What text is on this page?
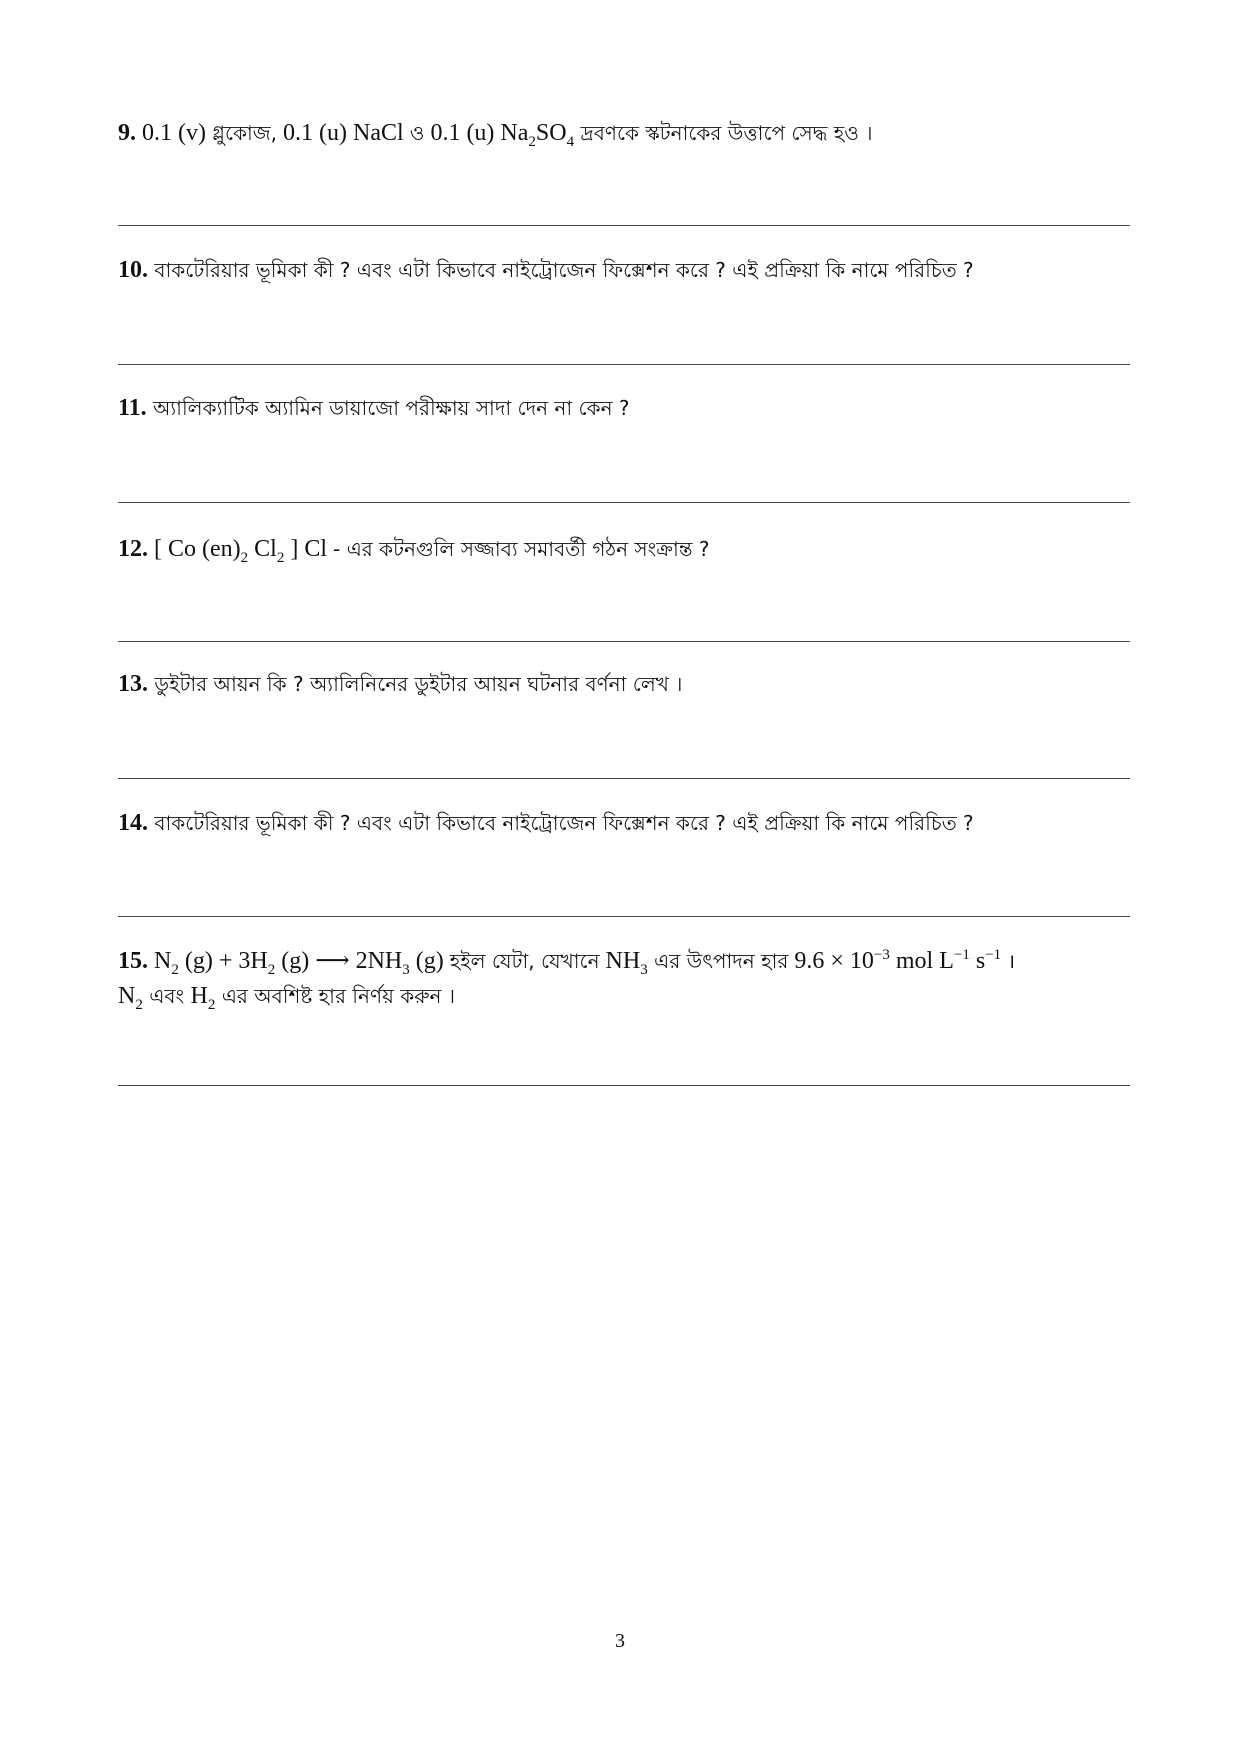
9. 0.1 (v) গ্লুকোজ, 0.1 (u) NaCl ও 0.1 (u) $Na_2SO_4$ দ্রবণকে স্কটনাকের উত্তাপে সেদ্ধ হও ।
10. বাকটেরিয়ার ভূমিকা কী ? এবং এটা কিভাবে নাইট্রোজেন ফিক্সেশন করে ? এই প্রক্রিয়া কি নামে পরিচিত ?
11. অ্যালিক্যাটিক অ্যামিন ডায়াজো পরীক্ষায় সাদা দেন না কেন ?
12. [ Co $(en)_2$ $Cl_2$ ] Cl - এর কটনগুলি সজ্জাব্য সমাবর্তী গঠন সংক্রান্ত ?
13. ডুইটার আয়ন কি ? অ্যালিনিনের ডুইটার আয়ন ঘটনার বর্ণনা লেখ ।
14. বাকটেরিয়ার ভূমিকা কী ? এবং এটা কিভাবে নাইট্রোজেন ফিক্সেশন করে ? এই প্রক্রিয়া কি নামে পরিচিত ?
15. $N_2$ $(g) + 3H_2$ (g) ⟶ $2NH_3$ (g) হইল যেটা, যেখানে $NH_3$ এর উৎপাদন হার $9.6 \times 10^{-3}$ mol $L^{-1}$ $s^{-1}$ ।
$N_2$ এবং $H_2$ এর অবশিষ্ট হার নির্ণয় করুন ।
3
